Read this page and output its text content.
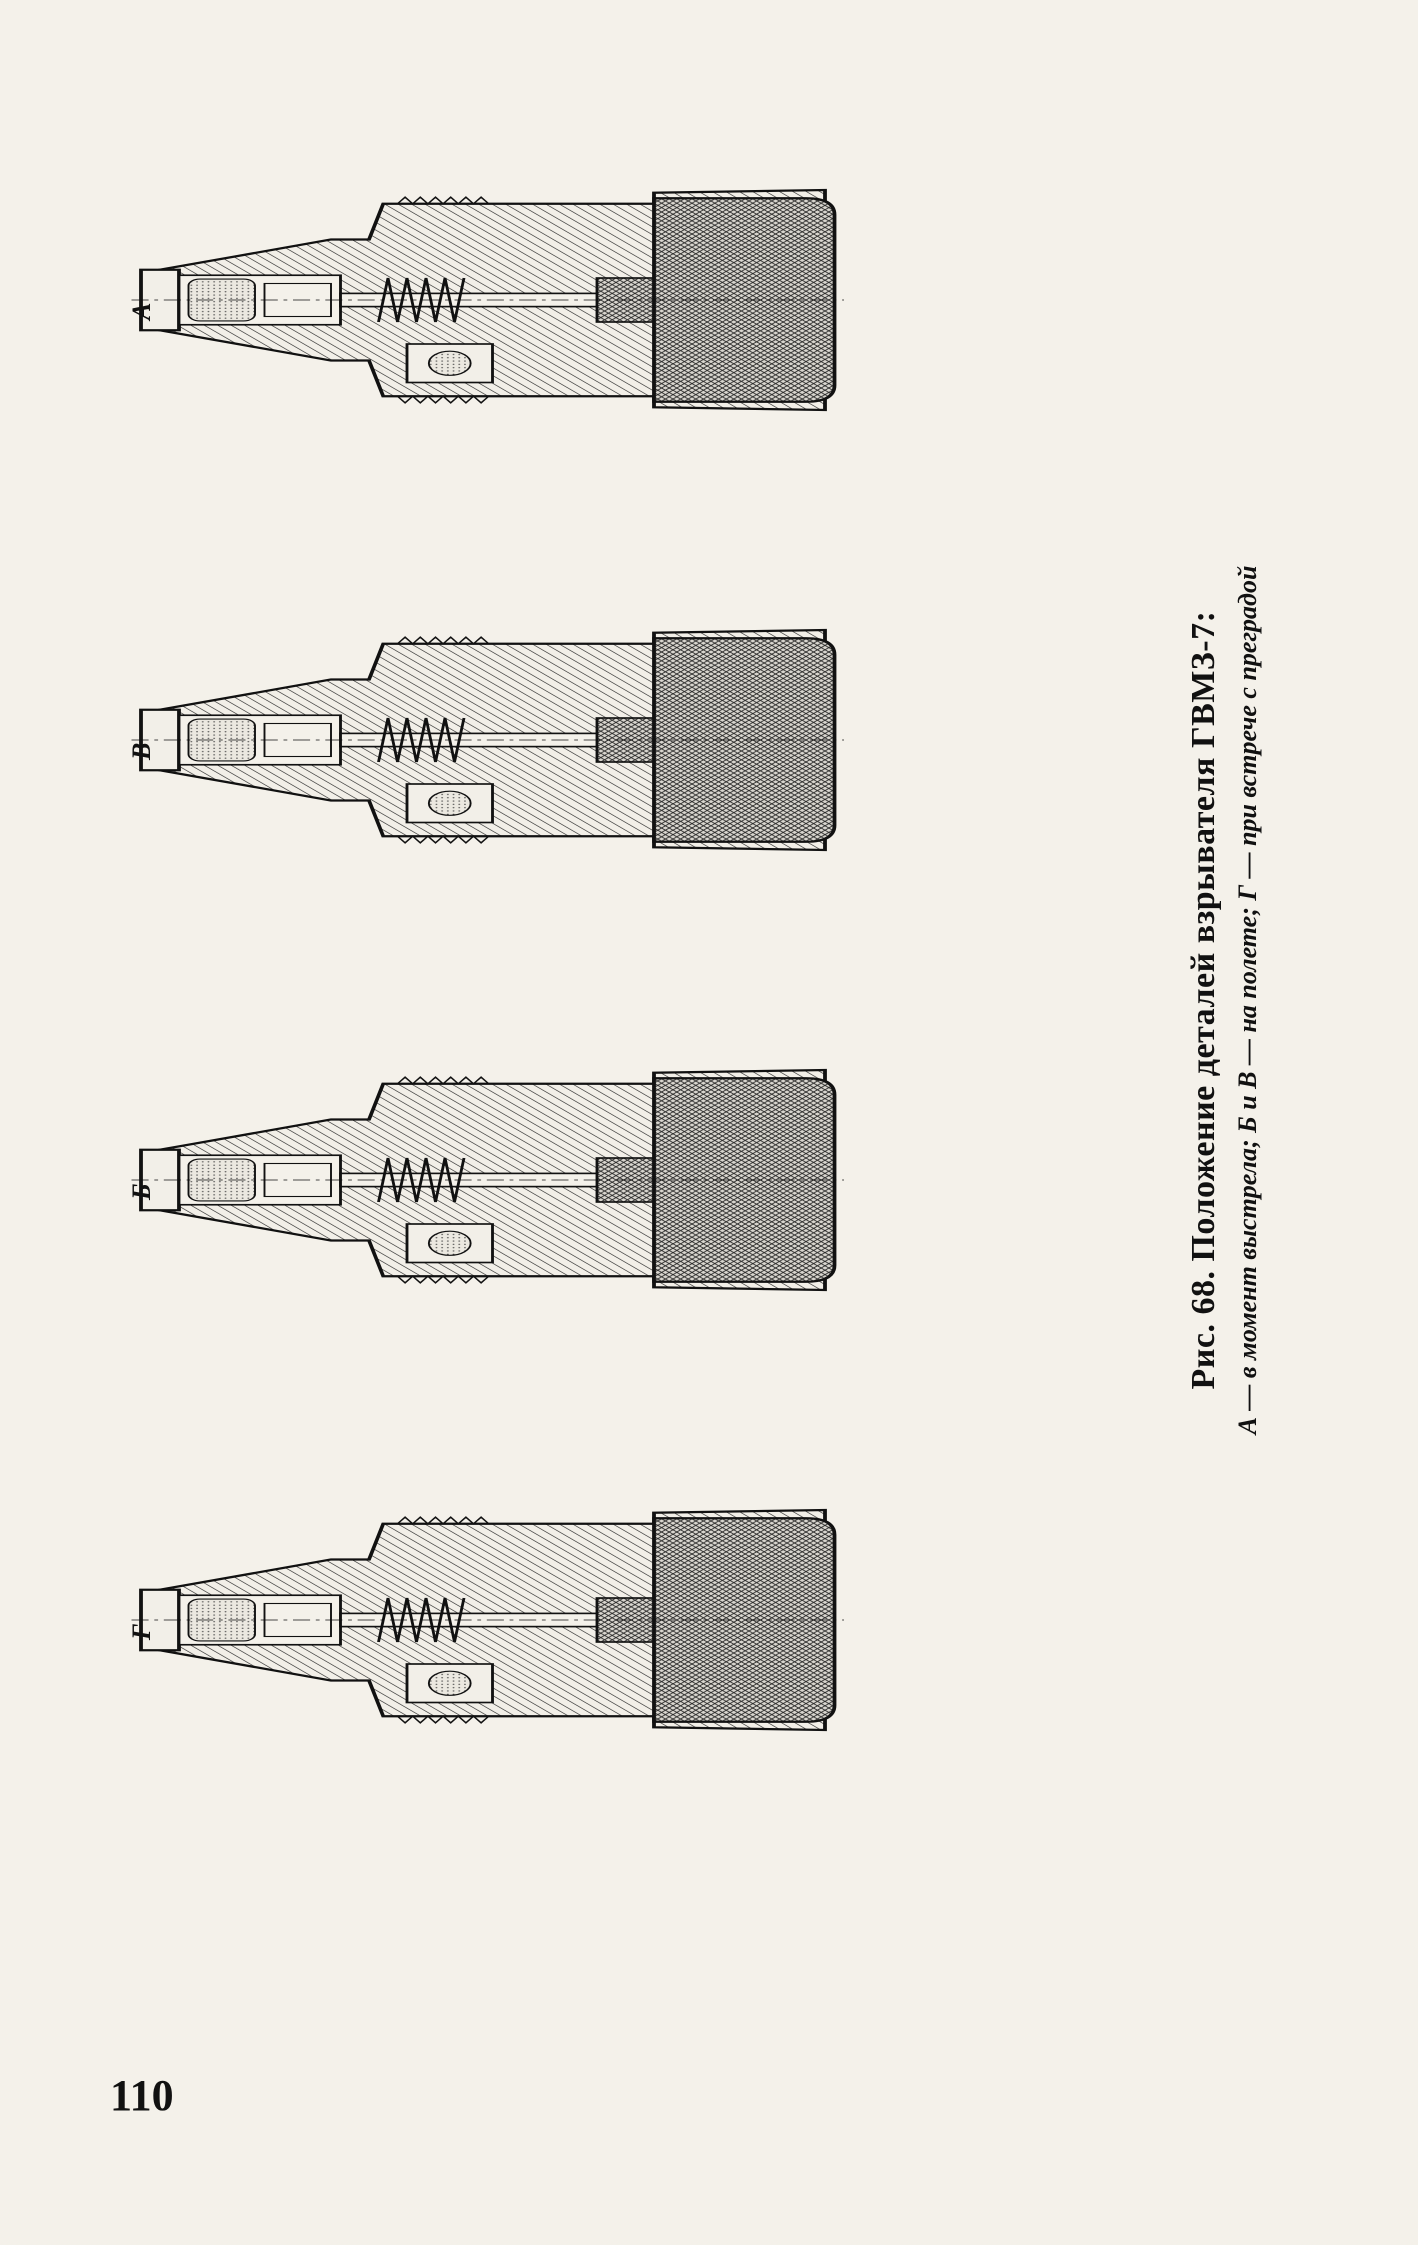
А
В
Б
Г
Рис. 68. Положение деталей взрывателя ГВМЗ-7: А — в момент выстрела; Б и В — на полете; Г — при встрече с преградой
110
